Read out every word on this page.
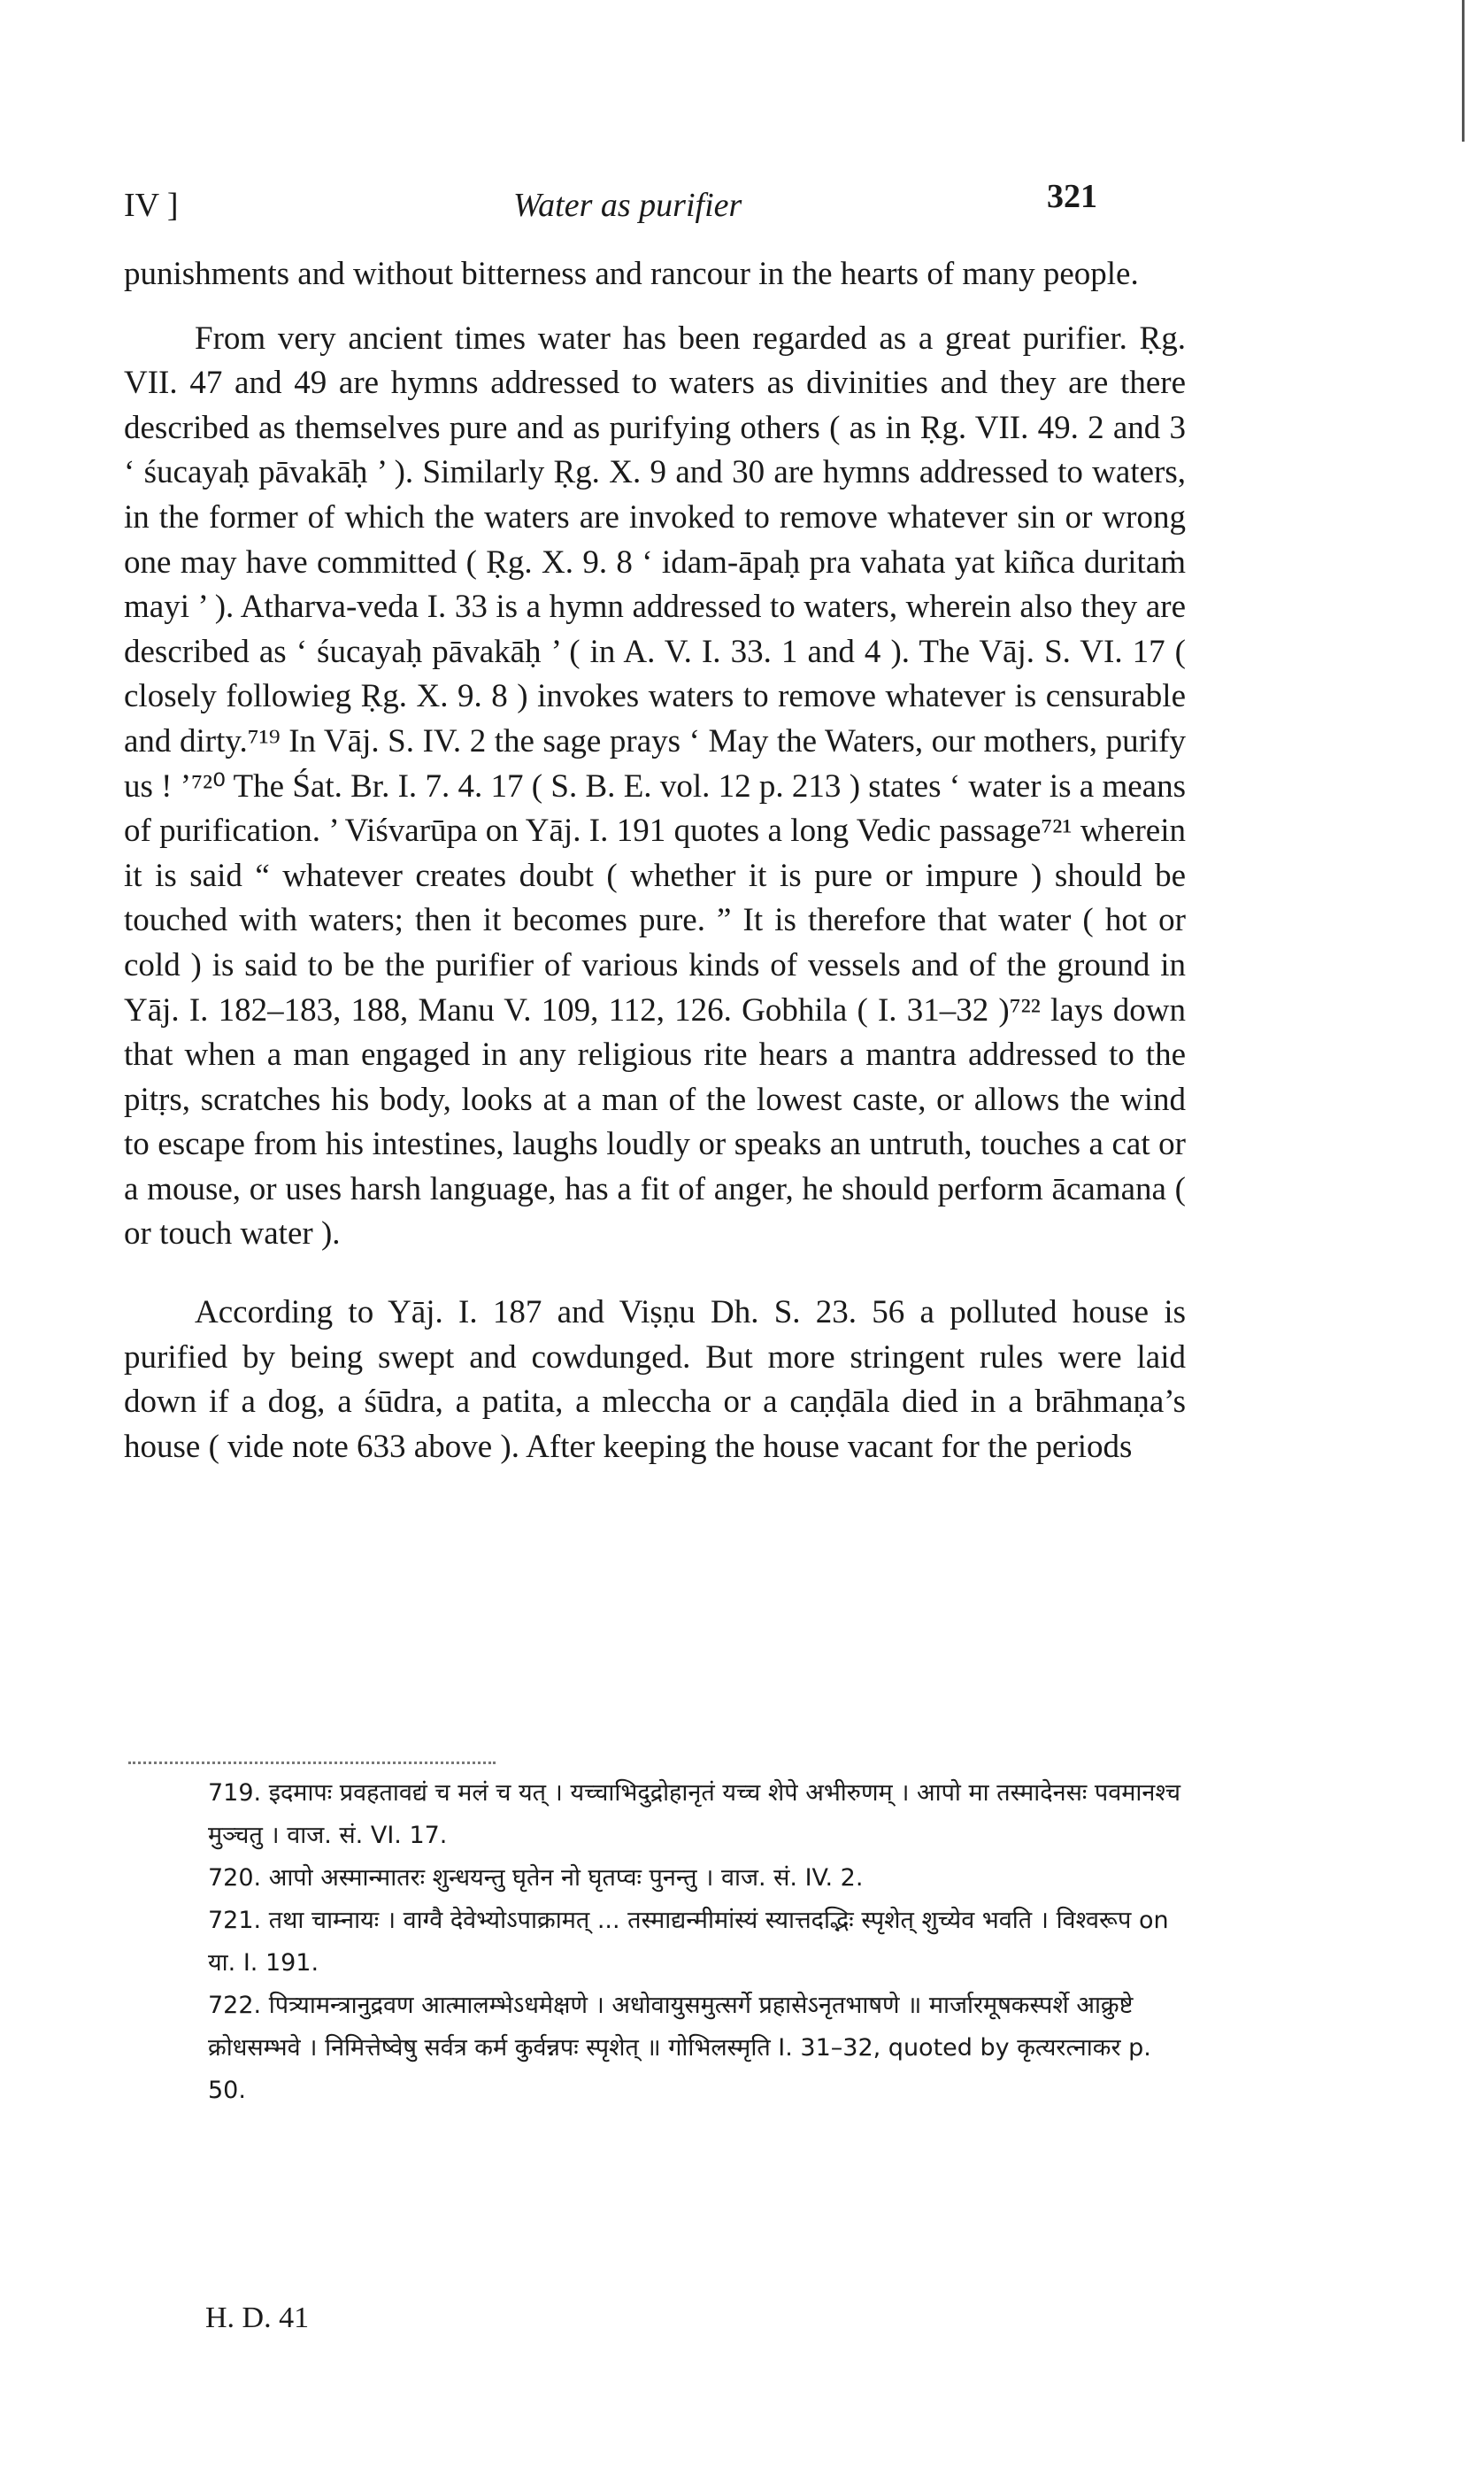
IV ]	Water as purifier	321

punishments and without bitterness and rancour in the hearts of many people.

From very ancient times water has been regarded as a great purifier. Ṛg. VII. 47 and 49 are hymns addressed to waters as divinities and they are there described as themselves pure and as purifying others ( as in Ṛg. VII. 49. 2 and 3 ‘ śucayaḥ pāvakāḥ ’ ). Similarly Ṛg. X. 9 and 30 are hymns addressed to waters, in the former of which the waters are invoked to remove whatever sin or wrong one may have committed ( Ṛg. X. 9. 8 ‘ idam-āpaḥ pra vahata yat kiñca duritaṁ mayi ’ ). Atharva-veda I. 33 is a hymn addressed to waters, wherein also they are described as ‘ śucayaḥ pāvakāḥ ’ ( in A. V. I. 33. 1 and 4 ). The Vāj. S. VI. 17 ( closely followieg Ṛg. X. 9. 8 ) invokes waters to remove whatever is censurable and dirty.⁷¹⁹ In Vāj. S. IV. 2 the sage prays ‘ May the Waters, our mothers, purify us ! ’⁷²⁰ The Śat. Br. I. 7. 4. 17 ( S. B. E. vol. 12 p. 213 ) states ‘ water is a means of purification. ’ Viśvarūpa on Yāj. I. 191 quotes a long Vedic passage⁷²¹ wherein it is said “ whatever creates doubt ( whether it is pure or impure ) should be touched with waters; then it becomes pure. ” It is therefore that water ( hot or cold ) is said to be the purifier of various kinds of vessels and of the ground in Yāj. I. 182–183, 188, Manu V. 109, 112, 126. Gobhila ( I. 31–32 )⁷²² lays down that when a man engaged in any religious rite hears a mantra addressed to the pitṛs, scratches his body, looks at a man of the lowest caste, or allows the wind to escape from his intestines, laughs loudly or speaks an untruth, touches a cat or a mouse, or uses harsh language, has a fit of anger, he should perform ācamana ( or touch water ).

According to Yāj. I. 187 and Viṣṇu Dh. S. 23. 56 a polluted house is purified by being swept and cowdunged. But more stringent rules were laid down if a dog, a śūdra, a patita, a mleccha or a caṇḍāla died in a brāhmaṇa’s house ( vide note 633 above ). After keeping the house vacant for the periods

719. इदमापः प्रवहतावद्यं च मलं च यत् । यच्चाभिदुद्रोहानृतं यच्च शेपे अभीरुणम् । आपो मा तस्मादेनसः पवमानश्च मुञ्चतु । वाज. सं. VI. 17.

720. आपो अस्मान्मातरः शुन्धयन्तु घृतेन नो घृतप्वः पुनन्तु । वाज. सं. IV. 2.

721. तथा चाम्नायः । वाग्वै देवेभ्योऽपाक्रामत् ... तस्माद्यन्मीमांस्यं स्यात्तदद्भिः स्पृशेत् शुच्येव भवति । विश्वरूप on या. I. 191.

722. पित्र्यामन्त्रानुद्रवण आत्मालम्भेऽधमेक्षणे । अधोवायुसमुत्सर्गे प्रहासेऽनृतभाषणे ॥ मार्जारमूषकस्पर्शे आक्रुष्टे क्रोधसम्भवे । निमित्तेष्वेषु सर्वत्र कर्म कुर्वन्नपः स्पृशेत् ॥ गोभिलस्मृति I. 31–32, quoted by कृत्यरत्नाकर p. 50.

H. D. 41
